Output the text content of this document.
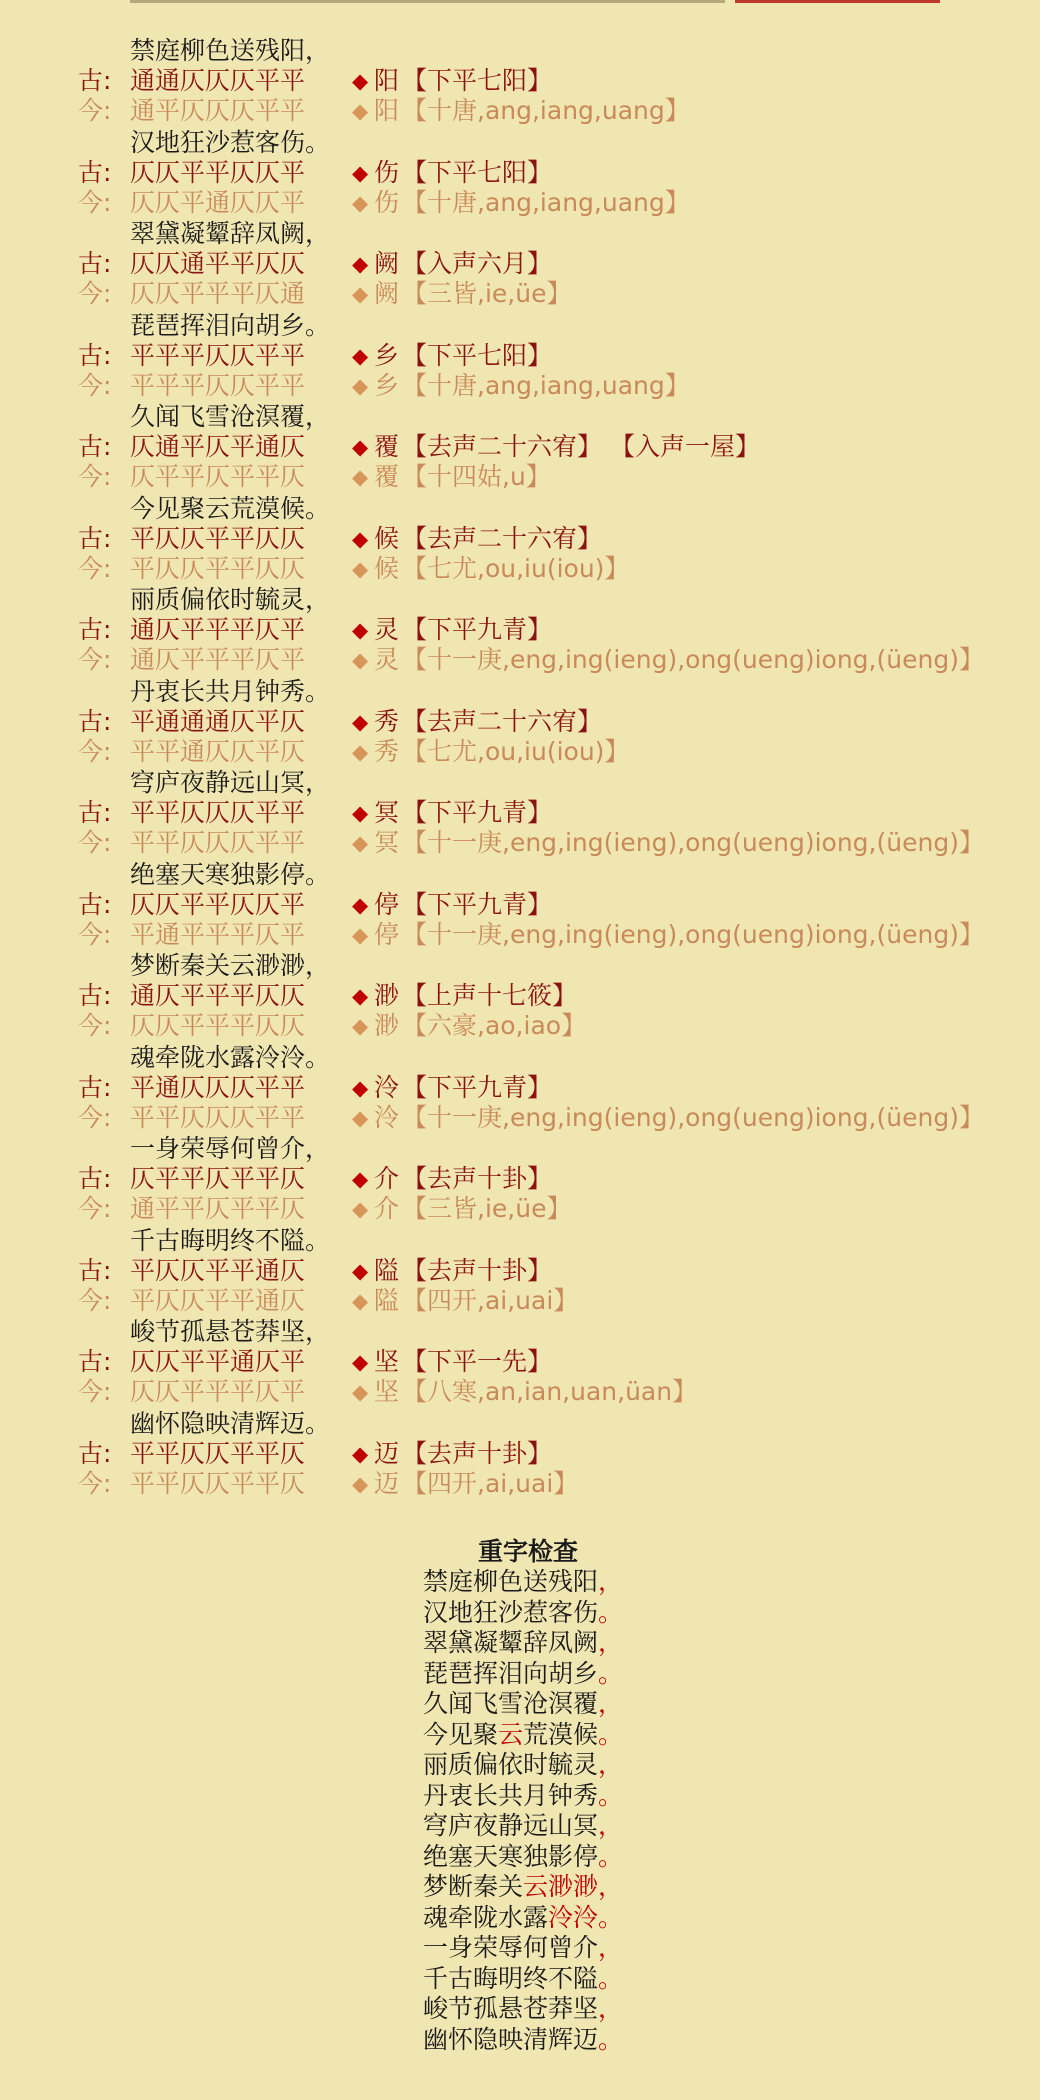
禁庭柳色送残阳，
古: 通通仄仄仄平平	◆ 阳 【下平七阳】
今: 通平仄仄仄平平	◆ 阳 【十唐,ang,iang,uang】
汉地狂沙惹客伤。
古: 仄仄平平仄仄平	◆ 伤 【下平七阳】
今: 仄仄平通仄仄平	◆ 伤 【十唐,ang,iang,uang】
翠黛凝颦辞凤阙，
古: 仄仄通平平仄仄	◆ 阙 【入声六月】
今: 仄仄平平平仄通	◆ 阙 【三皆,ie,üe】
琵琶挥泪向胡乡。
古: 平平平仄仄平平	◆ 乡 【下平七阳】
今: 平平平仄仄平平	◆ 乡 【十唐,ang,iang,uang】
久闻飞雪沧溟覆，
古: 仄通平仄平通仄	◆ 覆 【去声二十六宥】 【入声一屋】
今: 仄平平仄平平仄	◆ 覆 【十四姑,u】
今见聚云荒漠候。
古: 平仄仄平平仄仄	◆ 候 【去声二十六宥】
今: 平仄仄平平仄仄	◆ 候 【七尤,ou,iu(iou)】
丽质偏依时毓灵，
古: 通仄平平平仄平	◆ 灵 【下平九青】
今: 通仄平平平仄平	◆ 灵 【十一庚,eng,ing(ieng),ong(ueng)iong,(üeng)】
丹衷长共月钟秀。
古: 平通通通仄平仄	◆ 秀 【去声二十六宥】
今: 平平通仄仄平仄	◆ 秀 【七尤,ou,iu(iou)】
穹庐夜静远山冥，
古: 平平仄仄仄平平	◆ 冥 【下平九青】
今: 平平仄仄仄平平	◆ 冥 【十一庚,eng,ing(ieng),ong(ueng)iong,(üeng)】
绝塞天寒独影停。
古: 仄仄平平仄仄平	◆ 停 【下平九青】
今: 平通平平平仄平	◆ 停 【十一庚,eng,ing(ieng),ong(ueng)iong,(üeng)】
梦断秦关云渺渺，
古: 通仄平平平仄仄	◆ 渺 【上声十七筱】
今: 仄仄平平平仄仄	◆ 渺 【六豪,ao,iao】
魂牵陇水露泠泠。
古: 平通仄仄仄平平	◆ 泠 【下平九青】
今: 平平仄仄仄平平	◆ 泠 【十一庚,eng,ing(ieng),ong(ueng)iong,(üeng)】
一身荣辱何曾介，
古: 仄平平仄平平仄	◆ 介 【去声十卦】
今: 通平平仄平平仄	◆ 介 【三皆,ie,üe】
千古晦明终不隘。
古: 平仄仄平平通仄	◆ 隘 【去声十卦】
今: 平仄仄平平通仄	◆ 隘 【四开,ai,uai】
峻节孤悬苍莽坚，
古: 仄仄平平通仄平	◆ 坚 【下平一先】
今: 仄仄平平平仄平	◆ 坚 【八寒,an,ian,uan,üan】
幽怀隐映清辉迈。
古: 平平仄仄平平仄	◆ 迈 【去声十卦】
今: 平平仄仄平平仄	◆ 迈 【四开,ai,uai】
重字检查
禁庭柳色送残阳，
汉地狂沙惹客伤。
翠黛凝颦辞凤阙，
琵琶挥泪向胡乡。
久闻飞雪沧溟覆，
今见聚云荒漠候。
丽质偏依时毓灵，
丹衷长共月钟秀。
穹庐夜静远山冥，
绝塞天寒独影停。
梦断秦关云渺渺，
魂牵陇水露泠泠。
一身荣辱何曾介，
千古晦明终不隘。
峻节孤悬苍莽坚，
幽怀隐映清辉迈。
